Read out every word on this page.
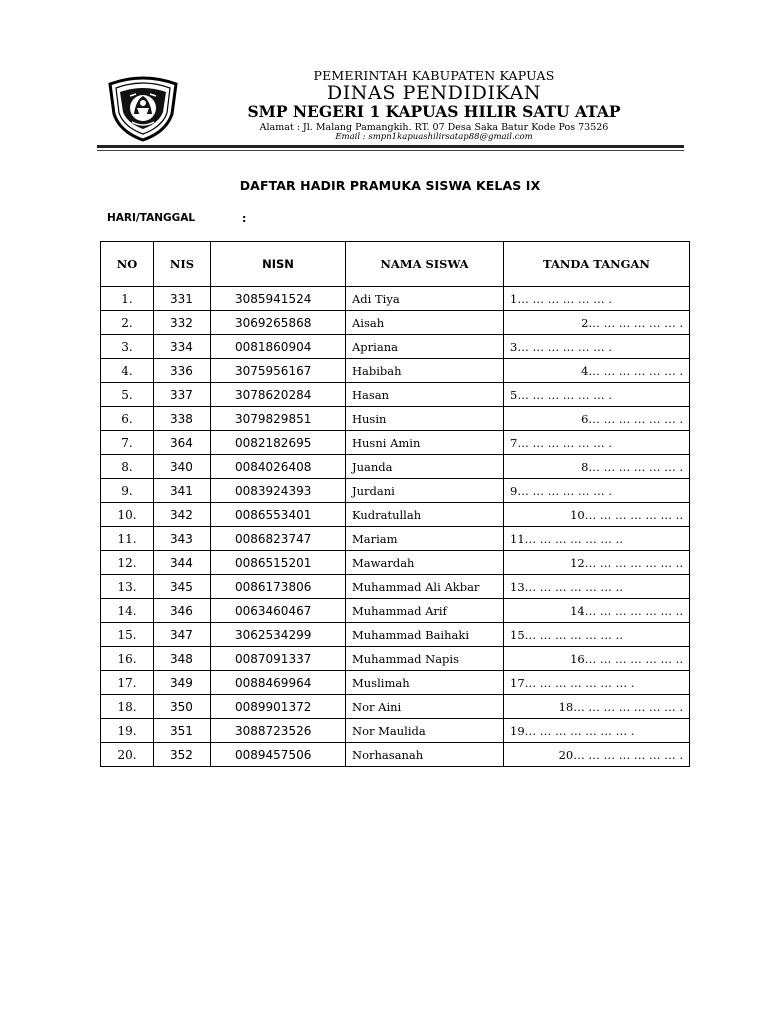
PEMERINTAH KABUPATEN KAPUAS
DINAS PENDIDIKAN
SMP NEGERI 1 KAPUAS HILIR SATU ATAP
Alamat : Jl. Malang Pamangkih. RT. 07 Desa Saka Batur Kode Pos 73526
Email : smpn1kapuashilirsatap88@gmail.com
DAFTAR HADIR PRAMUKA SISWA KELAS IX
HARI/TANGGAL	:
NO	NIS	NISN	NAMA SISWA	TANDA TANGAN
1.	331	3085941524	Adi Tiya	1… … … … … … .
2.	332	3069265868	Aisah	2… … … … … … .
3.	334	0081860904	Apriana	3… … … … … … .
4.	336	3075956167	Habibah	4… … … … … … .
5.	337	3078620284	Hasan	5… … … … … … .
6.	338	3079829851	Husin	6… … … … … … .
7.	364	0082182695	Husni Amin	7… … … … … … .
8.	340	0084026408	Juanda	8… … … … … … .
9.	341	0083924393	Jurdani	9… … … … … … .
10.	342	0086553401	Kudratullah	10… … … … … … ..
11.	343	0086823747	Mariam	11… … … … … … ..
12.	344	0086515201	Mawardah	12… … … … … … ..
13.	345	0086173806	Muhammad Ali Akbar	13… … … … … … ..
14.	346	0063460467	Muhammad Arif	14… … … … … … ..
15.	347	3062534299	Muhammad Baihaki	15… … … … … … ..
16.	348	0087091337	Muhammad Napis	16… … … … … … ..
17.	349	0088469964	Muslimah	17… … … … … … … .
18.	350	0089901372	Nor Aini	18… … … … … … … .
19.	351	3088723526	Nor Maulida	19… … … … … … … .
20.	352	0089457506	Norhasanah	20… … … … … … … .
